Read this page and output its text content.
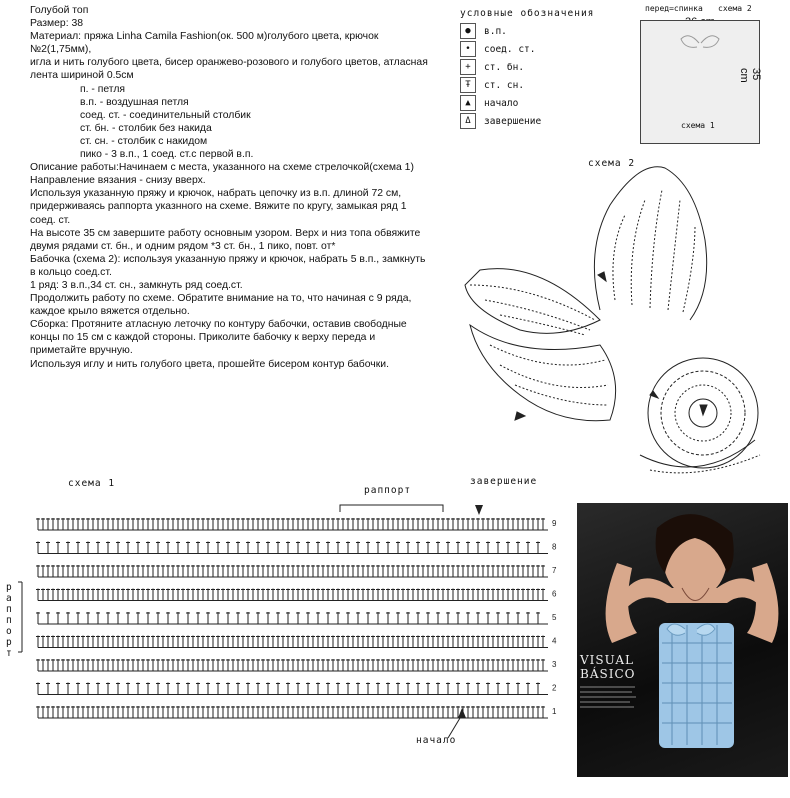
Голубой топ
Размер: 38
Материал: пряжа Linha Camila Fashion(ок. 500 м)голубого цвета, крючок №2(1,75мм),
игла и нить голубого цвета, бисер оранжево-розового и голубого цветов, атласная лента шириной 0.5см
п. - петля
в.п. - воздушная петля
соед. ст. - соединительный столбик
ст. бн. - столбик без накида
ст. сн. - столбик с накидом
пико - 3 в.п., 1 соед. ст.с первой в.п.
Описание работы:Начинаем с места, указанного на схеме стрелочкой(схема 1)
Направление вязания - снизу вверх.
Используя указанную пряжу и крючок, набрать цепочку из в.п. длиной 72 см, придерживаясь раппорта указнного на схеме. Вяжите по кругу, замыкая ряд 1 соед. ст.
На высоте 35 см завершите работу основным узором. Верх и низ топа обвяжите двумя рядами ст. бн., и одним рядом *3 ст. бн., 1 пико, повт. от*
Бабочка (схема 2): используя указанную пряжу и крючок, набрать 5 в.п., замкнуть в кольцо соед.ст.
1 ряд: 3 в.п.,34 ст. сн., замкнуть ряд соед.ст.
Продолжить работу по схеме. Обратите внимание на то, что начиная с 9 ряда, каждое крыло вяжется отдельно.
Сборка: Протяните атласную леточку по контуру бабочки, оставив свободные концы по 15 см с каждой стороны. Приколите бабочку к верху переда и приметайте вручную.
Используя иглу и нить голубого цвета, прошейте бисером контур бабочки.
условные обозначения
●	в.п.
•	соед. ст.
+	ст. бн.
Ŧ	ст. сн.
▲	начало
Δ	завершение
перед=спинка схема 2
схема 1
35 cm
схема 2
схема 1
раппорт
завершение
начало
раппорт
9
8
7
6
5
4
3
2
1
VISUAL
BÁSICO
